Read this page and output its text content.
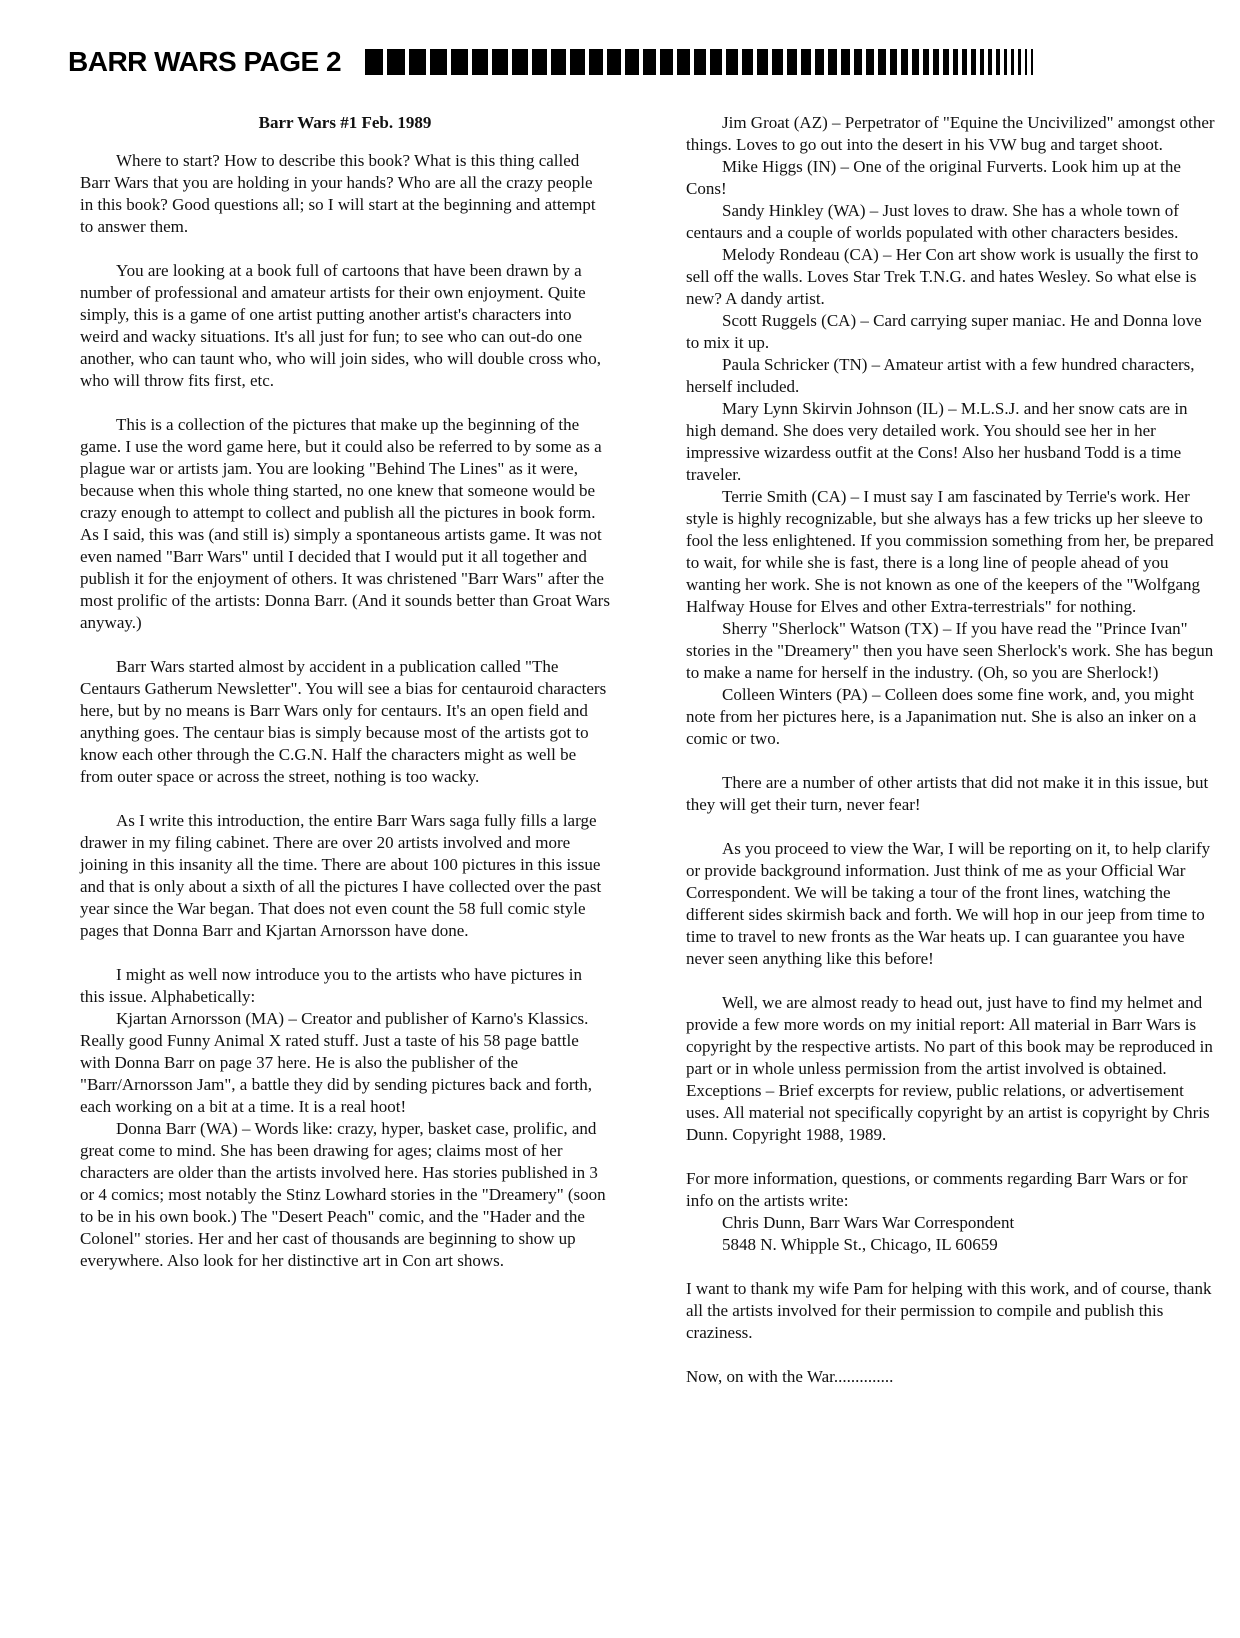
BARR WARS PAGE 2
Barr Wars #1 Feb. 1989

Where to start? How to describe this book? What is this thing called Barr Wars that you are holding in your hands? Who are all the crazy people in this book? Good questions all; so I will start at the beginning and attempt to answer them.

You are looking at a book full of cartoons that have been drawn by a number of professional and amateur artists for their own enjoyment. Quite simply, this is a game of one artist putting another artist's characters into weird and wacky situations. It's all just for fun; to see who can out-do one another, who can taunt who, who will join sides, who will double cross who, who will throw fits first, etc.

This is a collection of the pictures that make up the beginning of the game. I use the word game here, but it could also be referred to by some as a plague war or artists jam. You are looking "Behind The Lines" as it were, because when this whole thing started, no one knew that someone would be crazy enough to attempt to collect and publish all the pictures in book form. As I said, this was (and still is) simply a spontaneous artists game. It was not even named "Barr Wars" until I decided that I would put it all together and publish it for the enjoyment of others. It was christened "Barr Wars" after the most prolific of the artists: Donna Barr. (And it sounds better than Groat Wars anyway.)

Barr Wars started almost by accident in a publication called "The Centaurs Gatherum Newsletter". You will see a bias for centauroid characters here, but by no means is Barr Wars only for centaurs. It's an open field and anything goes. The centaur bias is simply because most of the artists got to know each other through the C.G.N. Half the characters might as well be from outer space or across the street, nothing is too wacky.

As I write this introduction, the entire Barr Wars saga fully fills a large drawer in my filing cabinet. There are over 20 artists involved and more joining in this insanity all the time. There are about 100 pictures in this issue and that is only about a sixth of all the pictures I have collected over the past year since the War began. That does not even count the 58 full comic style pages that Donna Barr and Kjartan Arnorsson have done.

I might as well now introduce you to the artists who have pictures in this issue. Alphabetically:

Kjartan Arnorsson (MA) – Creator and publisher of Karno's Klassics. Really good Funny Animal X rated stuff. Just a taste of his 58 page battle with Donna Barr on page 37 here. He is also the publisher of the "Barr/Arnorsson Jam", a battle they did by sending pictures back and forth, each working on a bit at a time. It is a real hoot!

Donna Barr (WA) – Words like: crazy, hyper, basket case, prolific, and great come to mind. She has been drawing for ages; claims most of her characters are older than the artists involved here. Has stories published in 3 or 4 comics; most notably the Stinz Lowhard stories in the "Dreamery" (soon to be in his own book.) The "Desert Peach" comic, and the "Hader and the Colonel" stories. Her and her cast of thousands are beginning to show up everywhere. Also look for her distinctive art in Con art shows.

Jim Groat (AZ) – Perpetrator of "Equine the Uncivilized" amongst other things. Loves to go out into the desert in his VW bug and target shoot.

Mike Higgs (IN) – One of the original Furverts. Look him up at the Cons!

Sandy Hinkley (WA) – Just loves to draw. She has a whole town of centaurs and a couple of worlds populated with other characters besides.

Melody Rondeau (CA) – Her Con art show work is usually the first to sell off the walls. Loves Star Trek T.N.G. and hates Wesley. So what else is new? A dandy artist.

Scott Ruggels (CA) – Card carrying super maniac. He and Donna love to mix it up.

Paula Schricker (TN) – Amateur artist with a few hundred characters, herself included.

Mary Lynn Skirvin Johnson (IL) – M.L.S.J. and her snow cats are in high demand. She does very detailed work. You should see her in her impressive wizardess outfit at the Cons! Also her husband Todd is a time traveler.

Terrie Smith (CA) – I must say I am fascinated by Terrie's work. Her style is highly recognizable, but she always has a few tricks up her sleeve to fool the less enlightened. If you commission something from her, be prepared to wait, for while she is fast, there is a long line of people ahead of you wanting her work. She is not known as one of the keepers of the "Wolfgang Halfway House for Elves and other Extra-terrestrials" for nothing.

Sherry "Sherlock" Watson (TX) – If you have read the "Prince Ivan" stories in the "Dreamery" then you have seen Sherlock's work. She has begun to make a name for herself in the industry. (Oh, so you are Sherlock!)

Colleen Winters (PA) – Colleen does some fine work, and, you might note from her pictures here, is a Japanimation nut. She is also an inker on a comic or two.

There are a number of other artists that did not make it in this issue, but they will get their turn, never fear!

As you proceed to view the War, I will be reporting on it, to help clarify or provide background information. Just think of me as your Official War Correspondent. We will be taking a tour of the front lines, watching the different sides skirmish back and forth. We will hop in our jeep from time to time to travel to new fronts as the War heats up. I can guarantee you have never seen anything like this before!

Well, we are almost ready to head out, just have to find my helmet and provide a few more words on my initial report: All material in Barr Wars is copyright by the respective artists. No part of this book may be reproduced in part or in whole unless permission from the artist involved is obtained. Exceptions – Brief excerpts for review, public relations, or advertisement uses. All material not specifically copyright by an artist is copyright by Chris Dunn. Copyright 1988, 1989.

For more information, questions, or comments regarding Barr Wars or for info on the artists write:

Chris Dunn, Barr Wars War Correspondent

5848 N. Whipple St., Chicago, IL 60659

I want to thank my wife Pam for helping with this work, and of course, thank all the artists involved for their permission to compile and publish this craziness.

Now, on with the War..............
